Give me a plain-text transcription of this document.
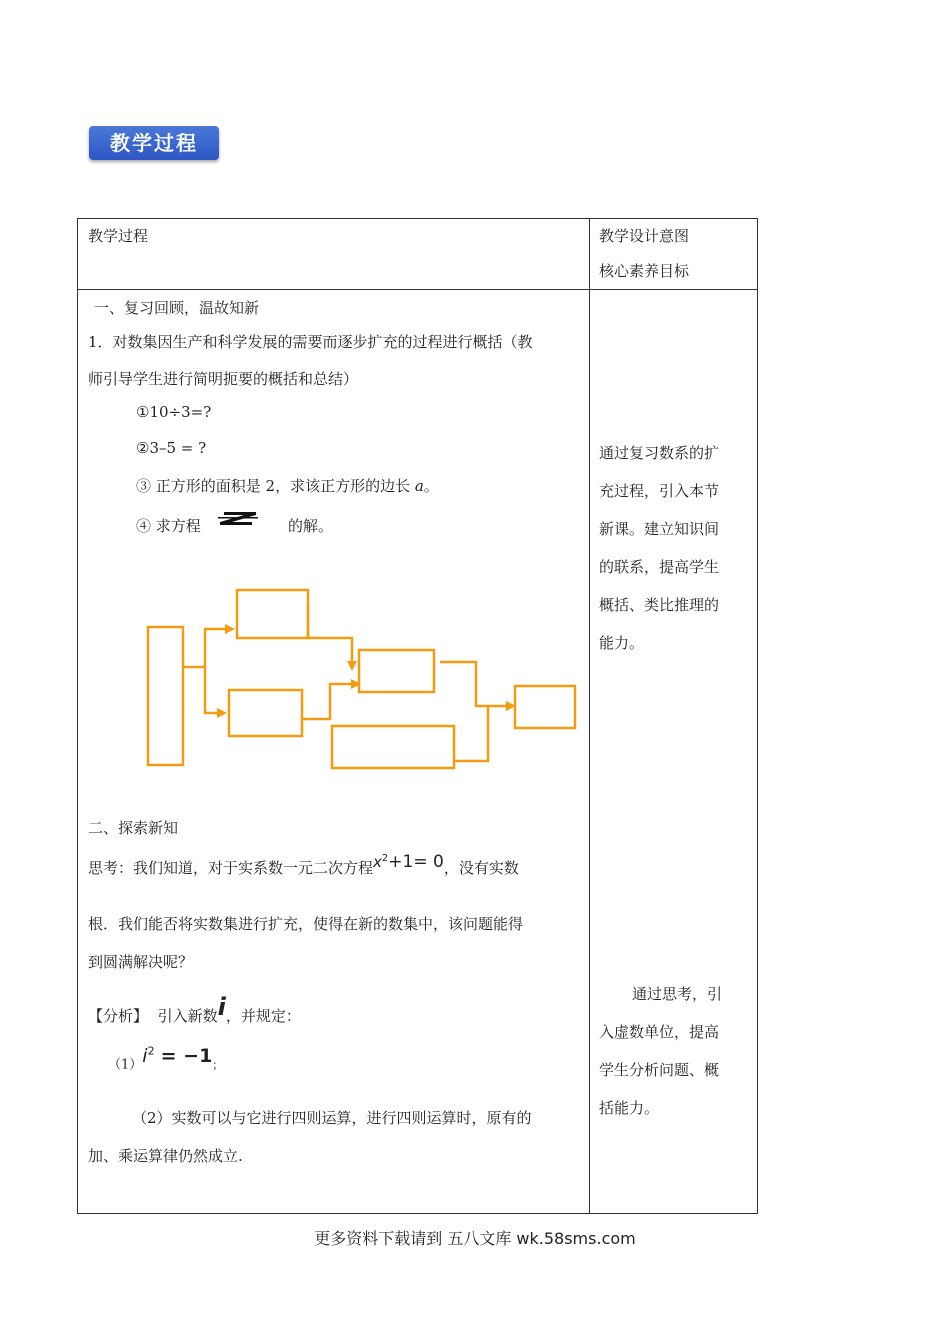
教学过程
教学过程	教学设计意图
核心素养目标
一、复习回顾，温故知新
1．对数集因生产和科学发展的需要而逐步扩充的过程进行概括（教
师引导学生进行简明扼要的概括和总结）
①10÷3=?
②3–5 = ?
③ 正方形的面积是 2，求该正方形的边长 a。
④ 求方程	的解。
二、探索新知
思考：我们知道，对于实系数一元二次方程$x^2+1= 0$，没有实数
根．我们能否将实数集进行扩充，使得在新的数集中，该问题能得
到圆满解决呢？
【分析】 引入新数i，并规定：
$(1)i^2 = -1$；
（2）实数可以与它进行四则运算，进行四则运算时，原有的
加、乘运算律仍然成立.
通过复习数系的扩
充过程，引入本节
新课。建立知识间
的联系，提高学生
概括、类比推理的
能力。
通过思考，引
入虚数单位，提高
学生分析问题、概
括能力。
更多资料下载请到 五八文库 wk.58sms.com
